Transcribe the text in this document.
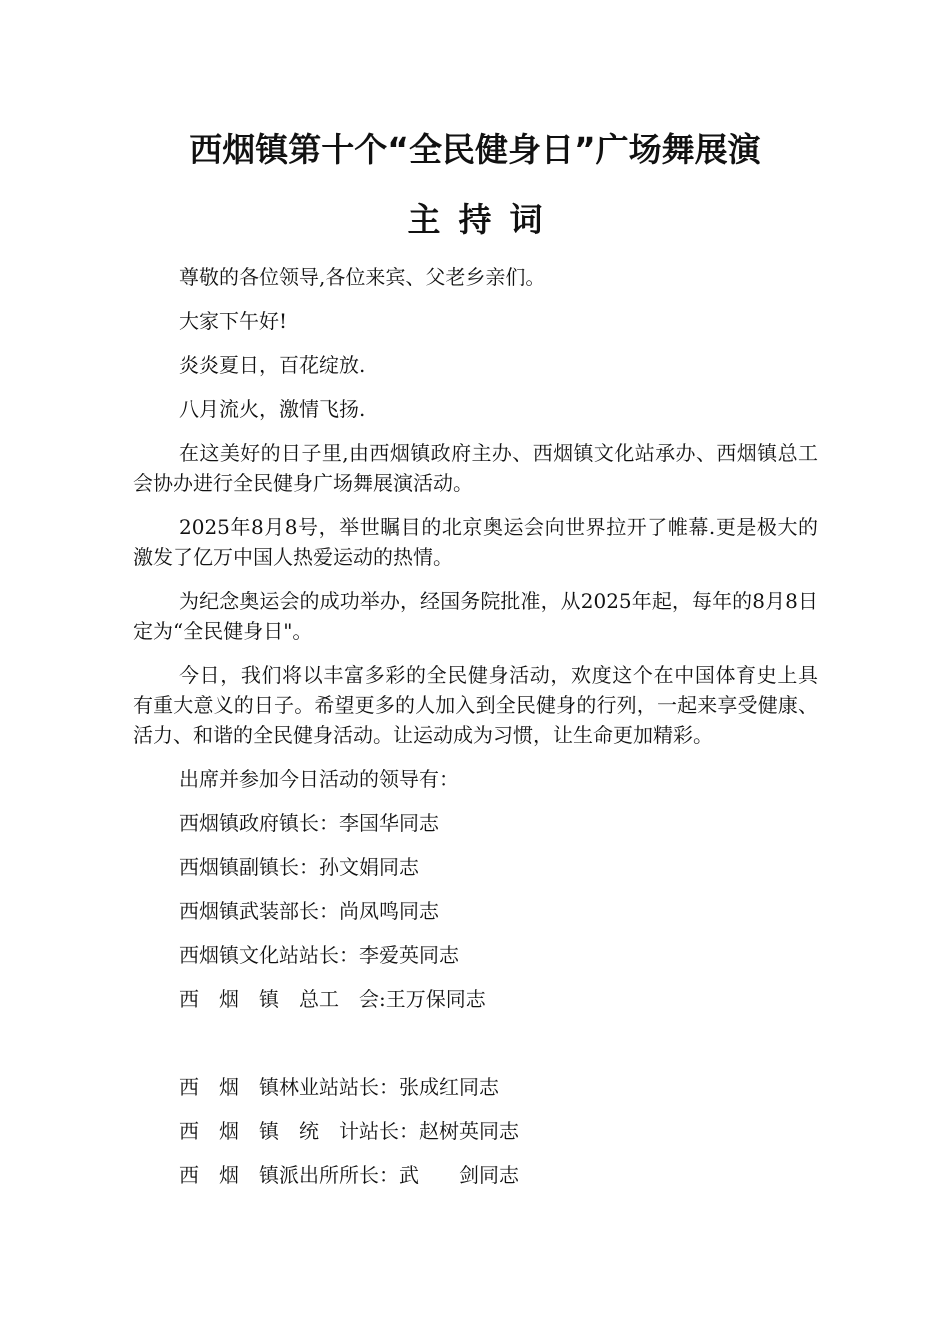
西烟镇第十个“全民健身日”广场舞展演
主持词

尊敬的各位领导,各位来宾、父老乡亲们。

大家下午好!

炎炎夏日，百花绽放.

八月流火，激情飞扬.

在这美好的日子里,由西烟镇政府主办、西烟镇文化站承办、西烟镇总工会协办进行全民健身广场舞展演活动。

2025年8月8号，举世瞩目的北京奥运会向世界拉开了帷幕.更是极大的激发了亿万中国人热爱运动的热情。

为纪念奥运会的成功举办，经国务院批准，从2025年起，每年的8月8日定为“全民健身日"。

今日，我们将以丰富多彩的全民健身活动，欢度这个在中国体育史上具有重大意义的日子。希望更多的人加入到全民健身的行列，一起来享受健康、活力、和谐的全民健身活动。让运动成为习惯，让生命更加精彩。

出席并参加今日活动的领导有：

西烟镇政府镇长：李国华同志

西烟镇副镇长：孙文娟同志

西烟镇武装部长：尚凤鸣同志

西烟镇文化站站长：李爱英同志

西　烟　镇　总工　会:王万保同志

西　烟　镇林业站站长：张成红同志

西　烟　镇　统　计站长：赵树英同志

西　烟　镇派出所所长：武　　剑同志
